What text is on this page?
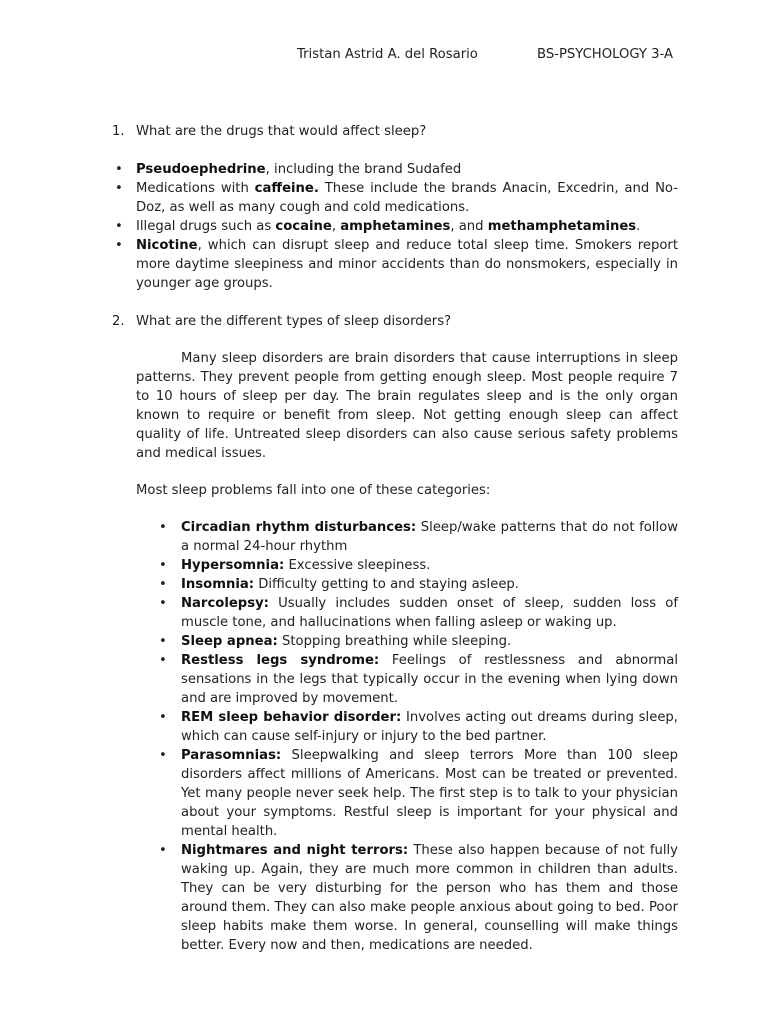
Tristan Astrid A. del Rosario	BS-PSYCHOLOGY 3-A
1. What are the drugs that would affect sleep?
• Pseudoephedrine, including the brand Sudafed
• Medications with caffeine. These include the brands Anacin, Excedrin, and No-Doz, as well as many cough and cold medications.
• Illegal drugs such as cocaine, amphetamines, and methamphetamines.
• Nicotine, which can disrupt sleep and reduce total sleep time. Smokers report more daytime sleepiness and minor accidents than do nonsmokers, especially in younger age groups.
2. What are the different types of sleep disorders?

Many sleep disorders are brain disorders that cause interruptions in sleep patterns. They prevent people from getting enough sleep. Most people require 7 to 10 hours of sleep per day. The brain regulates sleep and is the only organ known to require or benefit from sleep. Not getting enough sleep can affect quality of life. Untreated sleep disorders can also cause serious safety problems and medical issues.

Most sleep problems fall into one of these categories:

• Circadian rhythm disturbances: Sleep/wake patterns that do not follow a normal 24-hour rhythm
• Hypersomnia: Excessive sleepiness.
• Insomnia: Difficulty getting to and staying asleep.
• Narcolepsy: Usually includes sudden onset of sleep, sudden loss of muscle tone, and hallucinations when falling asleep or waking up.
• Sleep apnea: Stopping breathing while sleeping.
• Restless legs syndrome: Feelings of restlessness and abnormal sensations in the legs that typically occur in the evening when lying down and are improved by movement.
• REM sleep behavior disorder: Involves acting out dreams during sleep, which can cause self-injury or injury to the bed partner.
• Parasomnias: Sleepwalking and sleep terrors More than 100 sleep disorders affect millions of Americans. Most can be treated or prevented. Yet many people never seek help. The first step is to talk to your physician about your symptoms. Restful sleep is important for your physical and mental health.
• Nightmares and night terrors: These also happen because of not fully waking up. Again, they are much more common in children than adults. They can be very disturbing for the person who has them and those around them. They can also make people anxious about going to bed. Poor sleep habits make them worse. In general, counselling will make things better. Every now and then, medications are needed.
